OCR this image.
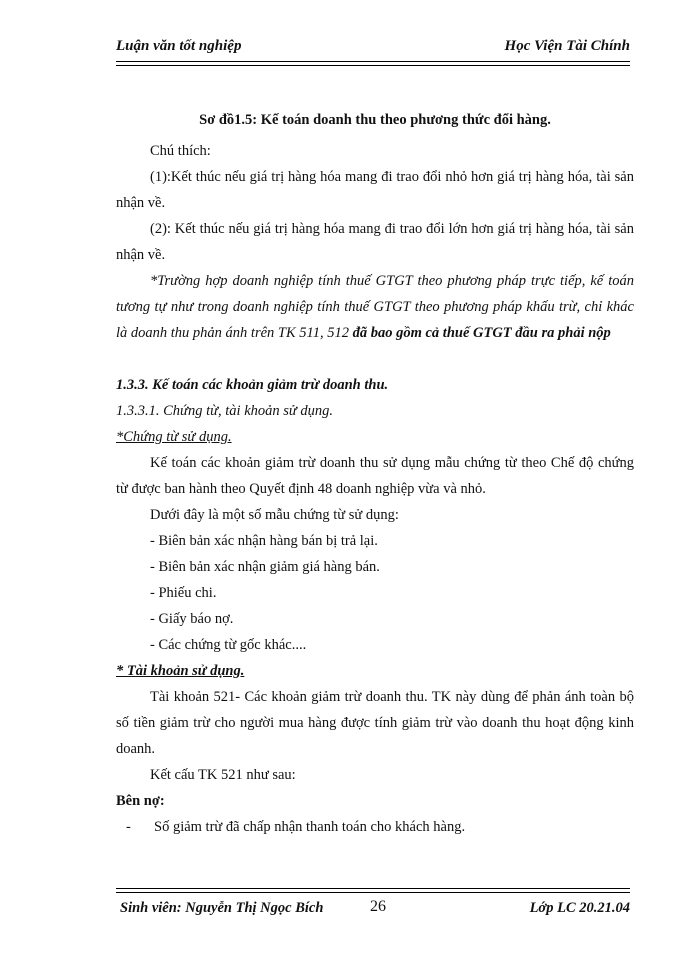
Luận văn tốt nghiệp	Học Viện Tài Chính

Sơ đồ1.5: Kế toán doanh thu theo phương thức đổi hàng.

Chú thích:

(1):Kết thúc nếu giá trị hàng hóa mang đi trao đổi nhỏ hơn giá trị hàng hóa, tài sản nhận về.

(2): Kết thúc nếu giá trị hàng hóa mang đi trao đổi lớn hơn giá trị hàng hóa, tài sản nhận về.

*Trường hợp doanh nghiệp tính thuế GTGT theo phương pháp trực tiếp, kế toán tương tự như trong doanh nghiệp tính thuế GTGT theo phương pháp khấu trừ, chỉ khác là doanh thu phản ánh trên TK 511, 512 đã bao gồm cả thuế GTGT đầu ra phải nộp

1.3.3. Kế toán các khoản giảm trừ doanh thu.

1.3.3.1. Chứng từ, tài khoản sử dụng.

*Chứng từ sử dụng.

Kế toán các khoản giảm trừ doanh thu sử dụng mẫu chứng từ theo Chế độ chứng từ được ban hành theo Quyết định 48 doanh nghiệp vừa và nhỏ.

Dưới đây là một số mẫu chứng từ sử dụng:

- Biên bản xác nhận hàng bán bị trả lại.

- Biên bản xác nhận giảm giá hàng bán.

- Phiếu chi.

- Giấy báo nợ.

- Các chứng từ gốc khác....

* Tài khoản sử dụng.

Tài khoản 521- Các khoản giảm trừ doanh thu. TK này dùng để phản ánh toàn bộ số tiền giảm trừ cho người mua hàng được tính giảm trừ vào doanh thu hoạt động kinh doanh.

Kết cấu TK 521 như sau:

Bên nợ:

-	Số giảm trừ đã chấp nhận thanh toán cho khách hàng.
Sinh viên: Nguyễn Thị Ngọc Bích	26	Lớp LC 20.21.04
